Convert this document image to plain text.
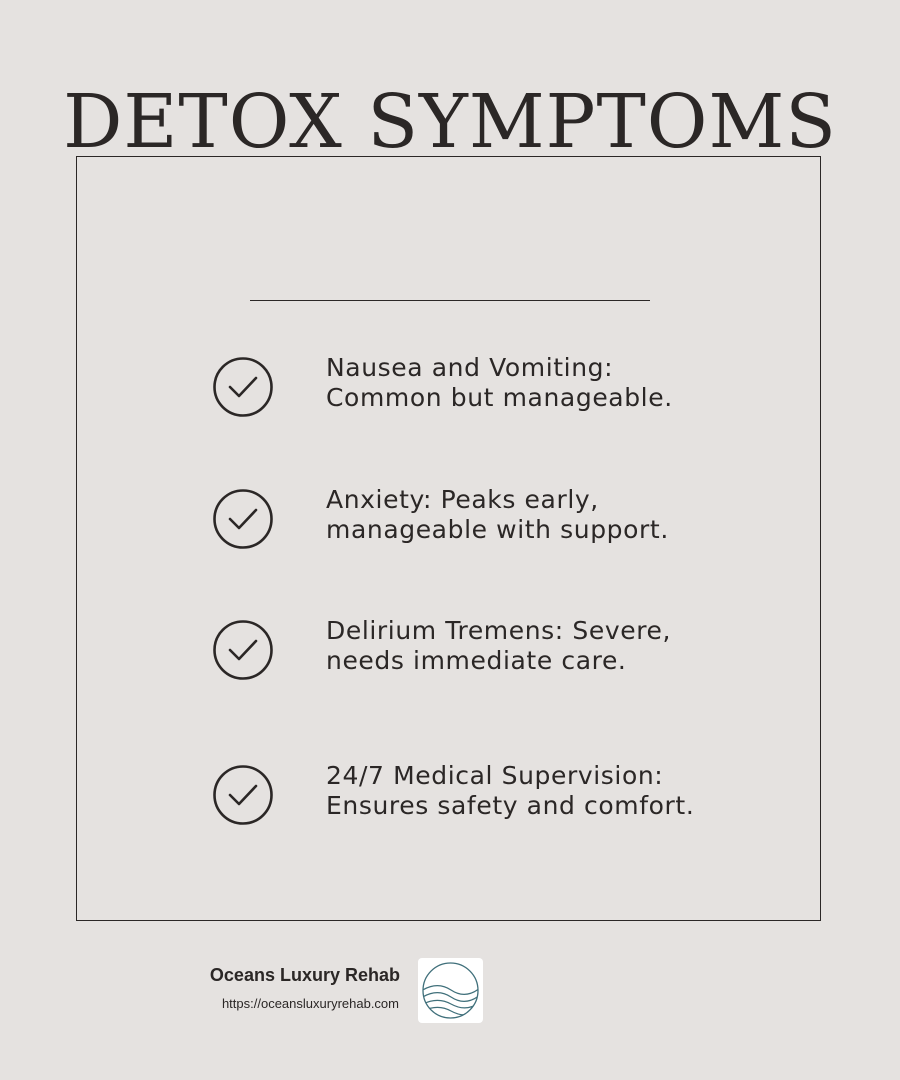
DETOX SYMPTOMS
Nausea and Vomiting:
Common but manageable.
Anxiety: Peaks early,
manageable with support.
Delirium Tremens: Severe,
needs immediate care.
24/7 Medical Supervision:
Ensures safety and comfort.
Oceans Luxury Rehab
https://oceansluxuryrehab.com
